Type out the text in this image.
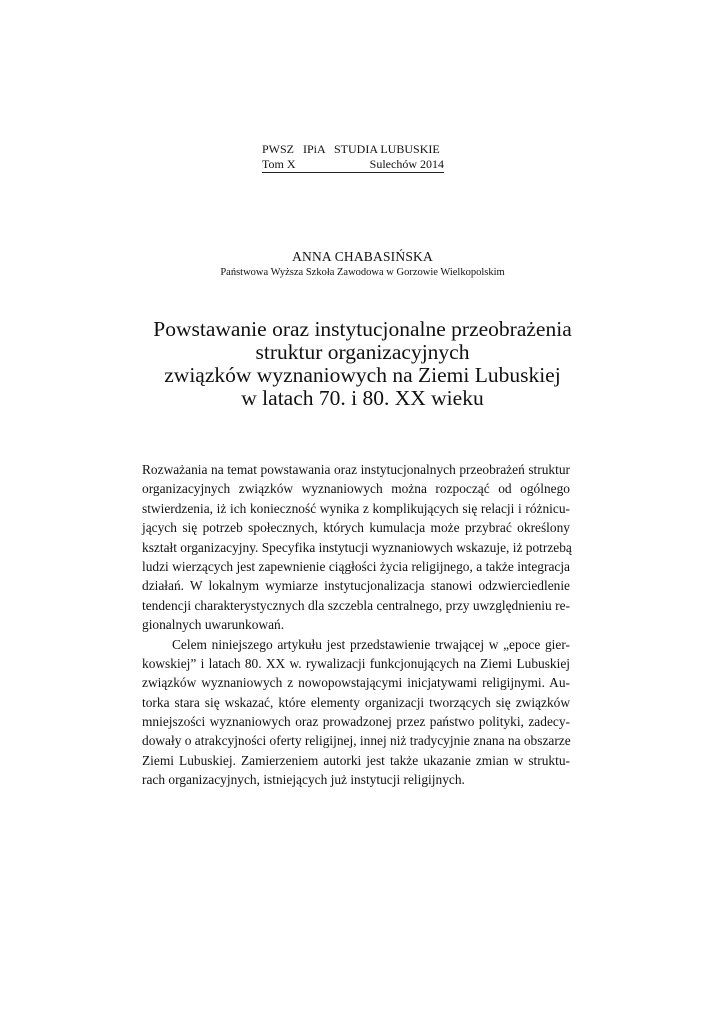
PWSZ   IPiA   STUDIA LUBUSKIE
Tom X	Sulechów 2014
ANNA CHABASIŃSKA
Państwowa Wyższa Szkoła Zawodowa w Gorzowie Wielkopolskim
Powstawanie oraz instytucjonalne przeobrażenia
struktur organizacyjnych
związków wyznaniowych na Ziemi Lubuskiej
w latach 70. i 80. XX wieku
Rozważania na temat powstawania oraz instytucjonalnych przeobrażeń struktur
organizacyjnych związków wyznaniowych można rozpocząć od ogólnego
stwierdzenia, iż ich konieczność wynika z komplikujących się relacji i różnicu-
jących się potrzeb społecznych, których kumulacja może przybrać określony
kształt organizacyjny. Specyfika instytucji wyznaniowych wskazuje, iż potrzebą
ludzi wierzących jest zapewnienie ciągłości życia religijnego, a także integracja
działań. W lokalnym wymiarze instytucjonalizacja stanowi odzwierciedlenie
tendencji charakterystycznych dla szczebla centralnego, przy uwzględnieniu re-
gionalnych uwarunkowań.
Celem niniejszego artykułu jest przedstawienie trwającej w „epoce gier-
kowskiej” i latach 80. XX w. rywalizacji funkcjonujących na Ziemi Lubuskiej
związków wyznaniowych z nowopowstającymi inicjatywami religijnymi. Au-
torka stara się wskazać, które elementy organizacji tworzących się związków
mniejszości wyznaniowych oraz prowadzonej przez państwo polityki, zadecy-
dowały o atrakcyjności oferty religijnej, innej niż tradycyjnie znana na obszarze
Ziemi Lubuskiej. Zamierzeniem autorki jest także ukazanie zmian w struktu-
rach organizacyjnych, istniejących już instytucji religijnych.
